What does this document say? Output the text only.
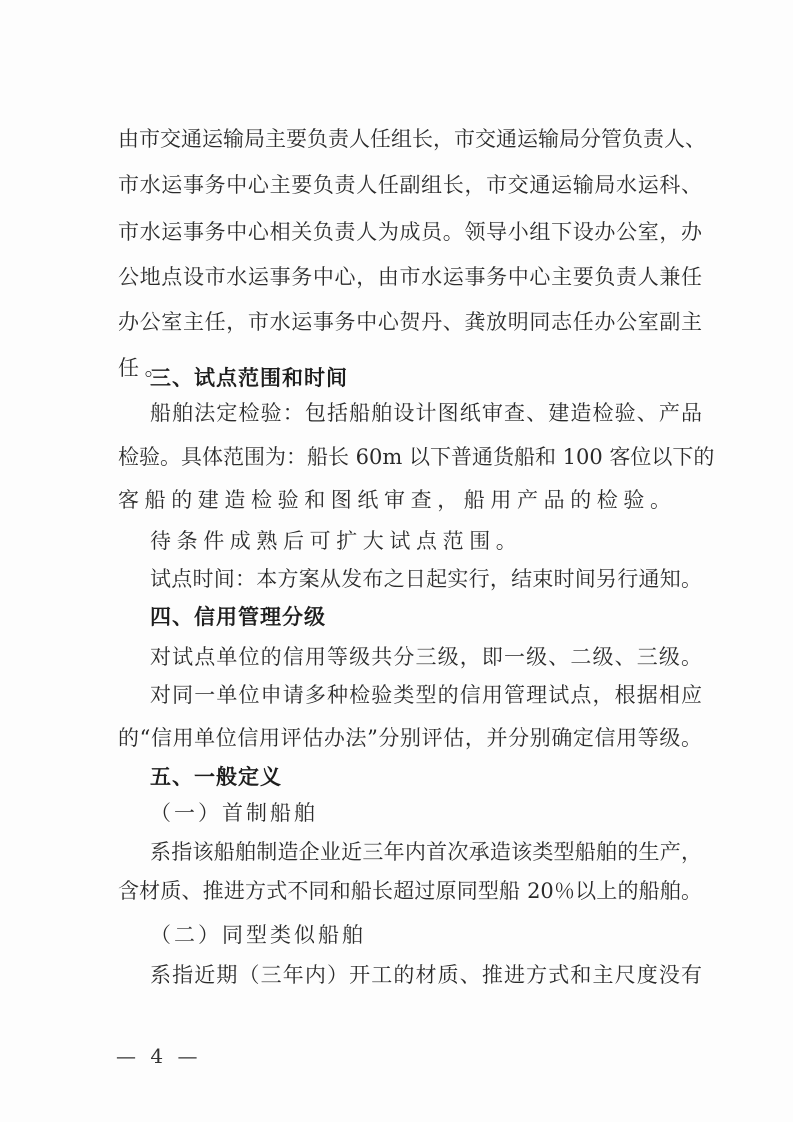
由市交通运输局主要负责人任组长，市交通运输局分管负责人、
市水运事务中心主要负责人任副组长，市交通运输局水运科、
市水运事务中心相关负责人为成员。领导小组下设办公室，办
公地点设市水运事务中心，由市水运事务中心主要负责人兼任
办公室主任，市水运事务中心贺丹、龚放明同志任办公室副主
任。
三、试点范围和时间
船舶法定检验：包括船舶设计图纸审查、建造检验、产品
检验。具体范围为：船长 60m 以下普通货船和 100 客位以下的
客船的建造检验和图纸审查，船用产品的检验。
待条件成熟后可扩大试点范围。
试点时间：本方案从发布之日起实行，结束时间另行通知。
四、信用管理分级
对试点单位的信用等级共分三级，即一级、二级、三级。
对同一单位申请多种检验类型的信用管理试点，根据相应
的“信用单位信用评估办法”分别评估，并分别确定信用等级。
五、一般定义
（一）首制船舶
系指该船舶制造企业近三年内首次承造该类型船舶的生产，
含材质、推进方式不同和船长超过原同型船 20％以上的船舶。
（二）同型类似船舶
系指近期（三年内）开工的材质、推进方式和主尺度没有
— 4 —
